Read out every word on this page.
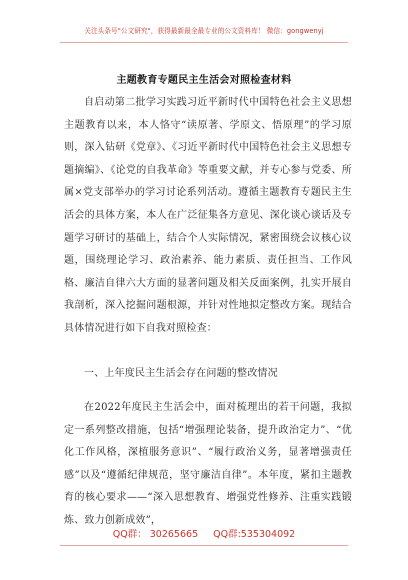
关注头条号"公文研究"，获得最新最全最专业的公文资料库！ 微信：gongwenyj
主题教育专题民主生活会对照检查材料
自启动第二批学习实践习近平新时代中国特色社会主义思想主题教育以来，本人恪守“读原著、学原文、悟原理”的学习原则，深入钻研《党章》、《习近平新时代中国特色社会主义思想专题摘编》、《论党的自我革命》等重要文献，并专心参与党委、所属×党支部举办的学习讨论系列活动。遵循主题教育专题民主生活会的具体方案，本人在广泛征集各方意见、深化谈心谈话及专题学习研讨的基础上，结合个人实际情况，紧密围绕会议核心议题，围绕理论学习、政治素养、能力素质、责任担当、工作风格、廉洁自律六大方面的显著问题及相关反面案例，扎实开展自我剖析，深入挖掘问题根源，并针对性地拟定整改方案。现结合具体情况进行如下自我对照检查：
一、上年度民主生活会存在问题的整改情况
在2022年度民主生活会中，面对梳理出的若干问题，我拟定一系列整改措施，包括“增强理论装备，提升政治定力”、“优化工作风格，深植服务意识”、“履行政治义务，显著增强责任感”以及“遵循纪律规范，坚守廉洁自律”。本年度，紧扣主题教育的核心要求——“深入思想教育、增强党性修养、注重实践锻炼、致力创新成效”，
QQ群： 30265665 QQ群:535304092
